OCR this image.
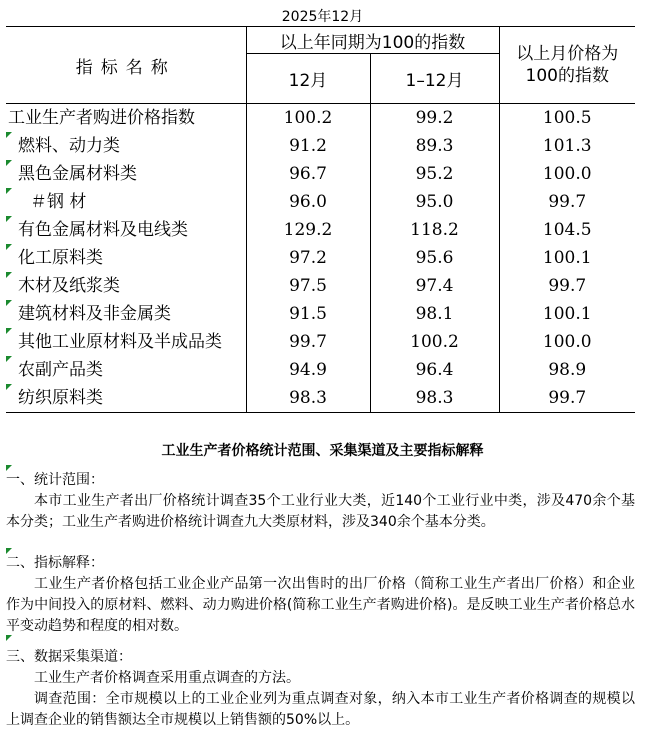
2025年12月
指标名称	以上年同期为100的指数		以上月价格为100的指数
	12月	1–12月	
工业生产者购进价格指数	100.2	99.2	100.5

燃料、动力类	91.2	89.3	101.3

黑色金属材料类	96.7	95.2	100.0

＃钢 材	96.0	95.0	99.7

有色金属材料及电线类	129.2	118.2	104.5

化工原料类	97.2	95.6	100.1

木材及纸浆类	97.5	97.4	99.7

建筑材料及非金属类	91.5	98.1	100.1

其他工业原材料及半成品类	99.7	100.2	100.0

农副产品类	94.9	96.4	98.9

纺织原料类	98.3	98.3	99.7
工业生产者价格统计范围、采集渠道及主要指标解释
一、统计范围：

本市工业生产者出厂价格统计调查35个工业行业大类，近140个工业行业中类，涉及470余个基本分类；工业生产者购进价格统计调查九大类原材料，涉及340余个基本分类。

二、指标解释：

工业生产者价格包括工业企业产品第一次出售时的出厂价格（简称工业生产者出厂价格）和企业作为中间投入的原材料、燃料、动力购进价格(简称工业生产者购进价格)。是反映工业生产者价格总水平变动趋势和程度的相对数。

三、数据采集渠道：

工业生产者价格调查采用重点调查的方法。

调查范围：全市规模以上的工业企业列为重点调查对象，纳入本市工业生产者价格调查的规模以上调查企业的销售额达全市规模以上销售额的50%以上。
